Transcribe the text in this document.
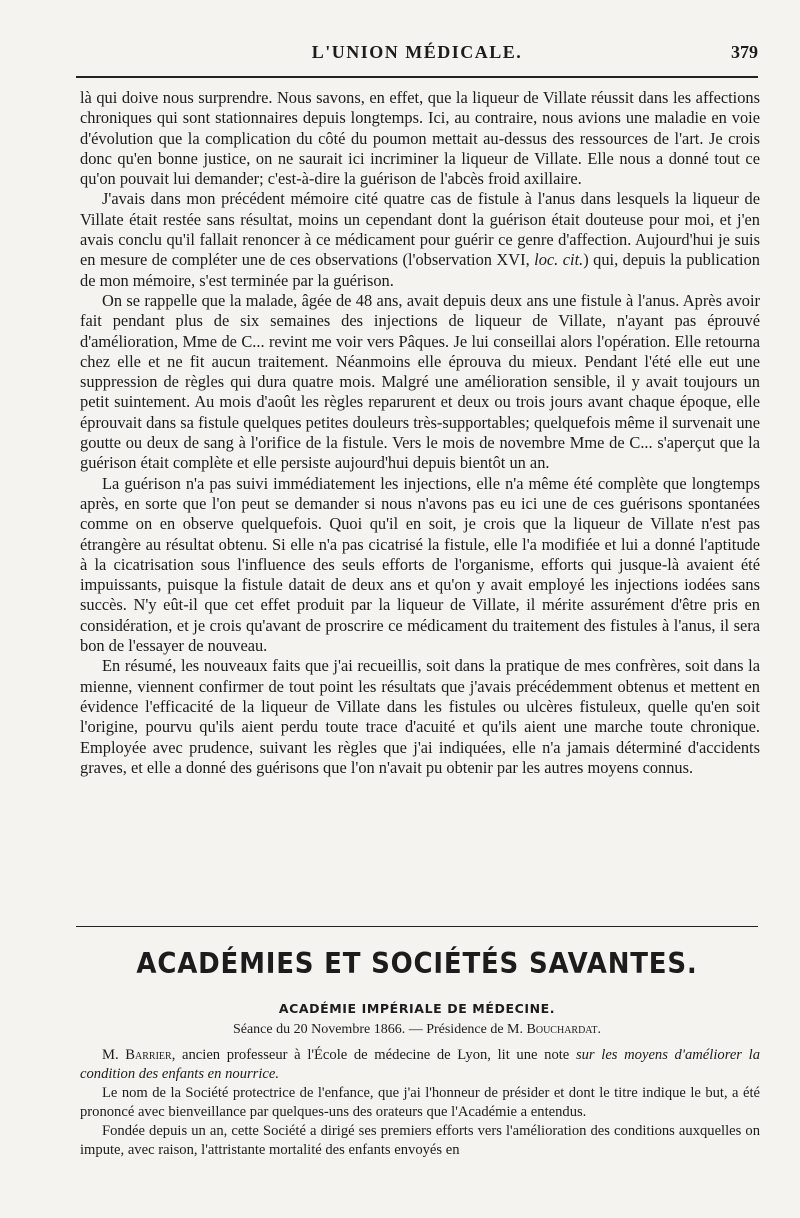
L'UNION MÉDICALE.	379

là qui doive nous surprendre. Nous savons, en effet, que la liqueur de Villate réussit dans les affections chroniques qui sont stationnaires depuis longtemps. Ici, au contraire, nous avions une maladie en voie d'évolution que la complication du côté du poumon mettait au-dessus des ressources de l'art. Je crois donc qu'en bonne justice, on ne saurait ici incriminer la liqueur de Villate. Elle nous a donné tout ce qu'on pouvait lui demander; c'est-à-dire la guérison de l'abcès froid axillaire.

J'avais dans mon précédent mémoire cité quatre cas de fistule à l'anus dans lesquels la liqueur de Villate était restée sans résultat, moins un cependant dont la guérison était douteuse pour moi, et j'en avais conclu qu'il fallait renoncer à ce médicament pour guérir ce genre d'affection. Aujourd'hui je suis en mesure de compléter une de ces observations (l'observation XVI, loc. cit.) qui, depuis la publication de mon mémoire, s'est terminée par la guérison.

On se rappelle que la malade, âgée de 48 ans, avait depuis deux ans une fistule à l'anus. Après avoir fait pendant plus de six semaines des injections de liqueur de Villate, n'ayant pas éprouvé d'amélioration, Mme de C... revint me voir vers Pâques. Je lui conseillai alors l'opération. Elle retourna chez elle et ne fit aucun traitement. Néanmoins elle éprouva du mieux. Pendant l'été elle eut une suppression de règles qui dura quatre mois. Malgré une amélioration sensible, il y avait toujours un petit suintement. Au mois d'août les règles reparurent et deux ou trois jours avant chaque époque, elle éprouvait dans sa fistule quelques petites douleurs très-supportables; quelquefois même il survenait une goutte ou deux de sang à l'orifice de la fistule. Vers le mois de novembre Mme de C... s'aperçut que la guérison était complète et elle persiste aujourd'hui depuis bientôt un an.

La guérison n'a pas suivi immédiatement les injections, elle n'a même été complète que longtemps après, en sorte que l'on peut se demander si nous n'avons pas eu ici une de ces guérisons spontanées comme on en observe quelquefois. Quoi qu'il en soit, je crois que la liqueur de Villate n'est pas étrangère au résultat obtenu. Si elle n'a pas cicatrisé la fistule, elle l'a modifiée et lui a donné l'aptitude à la cicatrisation sous l'influence des seuls efforts de l'organisme, efforts qui jusque-là avaient été impuissants, puisque la fistule datait de deux ans et qu'on y avait employé les injections iodées sans succès. N'y eût-il que cet effet produit par la liqueur de Villate, il mérite assurément d'être pris en considération, et je crois qu'avant de proscrire ce médicament du traitement des fistules à l'anus, il sera bon de l'essayer de nouveau.

En résumé, les nouveaux faits que j'ai recueillis, soit dans la pratique de mes confrères, soit dans la mienne, viennent confirmer de tout point les résultats que j'avais précédemment obtenus et mettent en évidence l'efficacité de la liqueur de Villate dans les fistules ou ulcères fistuleux, quelle qu'en soit l'origine, pourvu qu'ils aient perdu toute trace d'acuité et qu'ils aient une marche toute chronique. Employée avec prudence, suivant les règles que j'ai indiquées, elle n'a jamais déterminé d'accidents graves, et elle a donné des guérisons que l'on n'avait pu obtenir par les autres moyens connus.

ACADÉMIES ET SOCIÉTÉS SAVANTES.
ACADÉMIE IMPÉRIALE DE MÉDECINE.
Séance du 20 Novembre 1866. — Présidence de M. Bouchardat.

M. Barrier, ancien professeur à l'École de médecine de Lyon, lit une note sur les moyens d'améliorer la condition des enfants en nourrice.

Le nom de la Société protectrice de l'enfance, que j'ai l'honneur de présider et dont le titre indique le but, a été prononcé avec bienveillance par quelques-uns des orateurs que l'Académie a entendus.

Fondée depuis un an, cette Société a dirigé ses premiers efforts vers l'amélioration des conditions auxquelles on impute, avec raison, l'attristante mortalité des enfants envoyés en
